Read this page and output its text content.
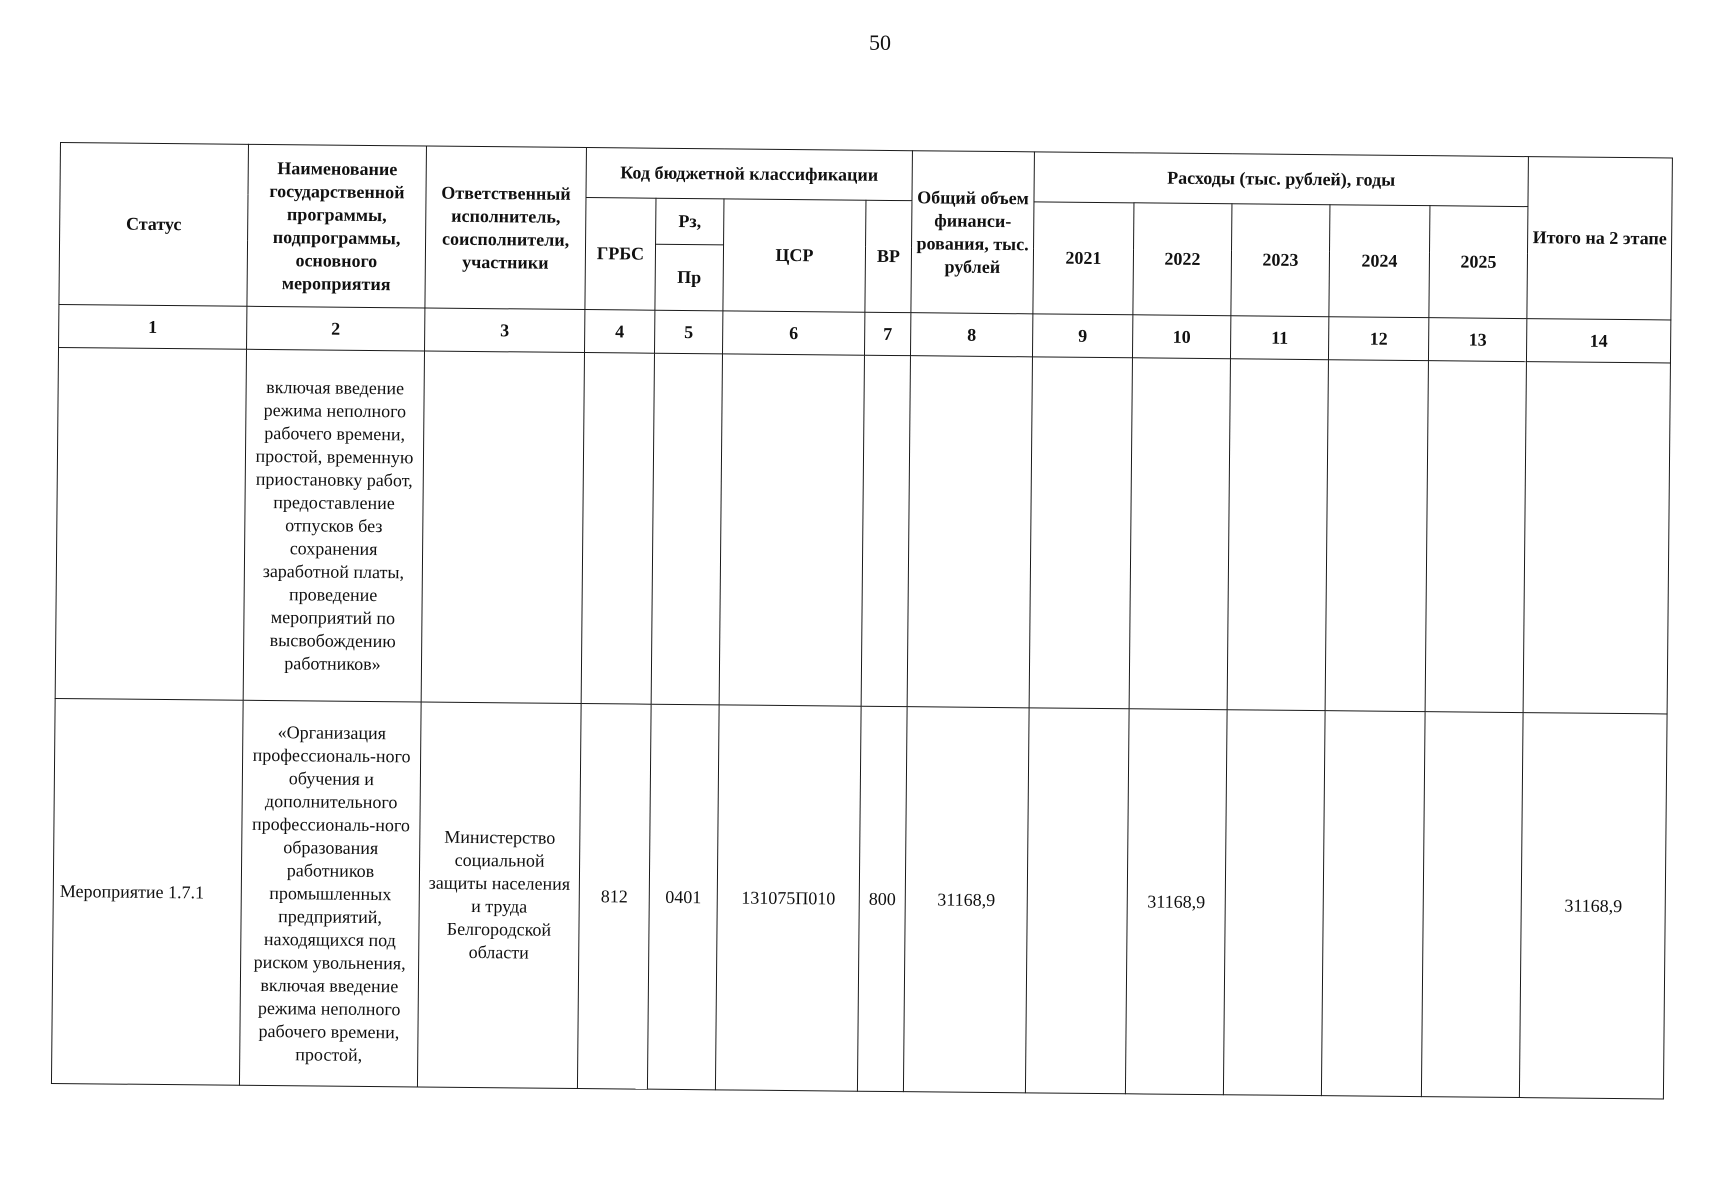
50
Статус	Наименование государственной программы, подпрограммы, основного мероприятия	Ответственный исполнитель, соисполнители, участники	Код бюджетной классификации				Общий объем финанси-рования, тыс. рублей	Расходы (тыс. рублей), годы					Итого на 2 этапе
			ГРБС	Рз,	ЦСР	ВР		2021	2022	2023	2024	2025	
				Пр									
1	2	3	4	5	6	7	8	9	10	11	12	13	14
	включая введение режима неполного рабочего времени, простой, временную приостановку работ, предоставление отпусков без сохранения заработной платы, проведение мероприятий по высвобождению работников»												
Мероприятие 1.7.1	«Организация профессиональ-ного обучения и дополнительного профессиональ-ного образования работников промышленных предприятий, находящихся под риском увольнения, включая введение режима неполного рабочего времени, простой,	Министерство социальной защиты населения и труда Белгородской области	812	0401	131075П010	800	31168,9		31168,9				31168,9
